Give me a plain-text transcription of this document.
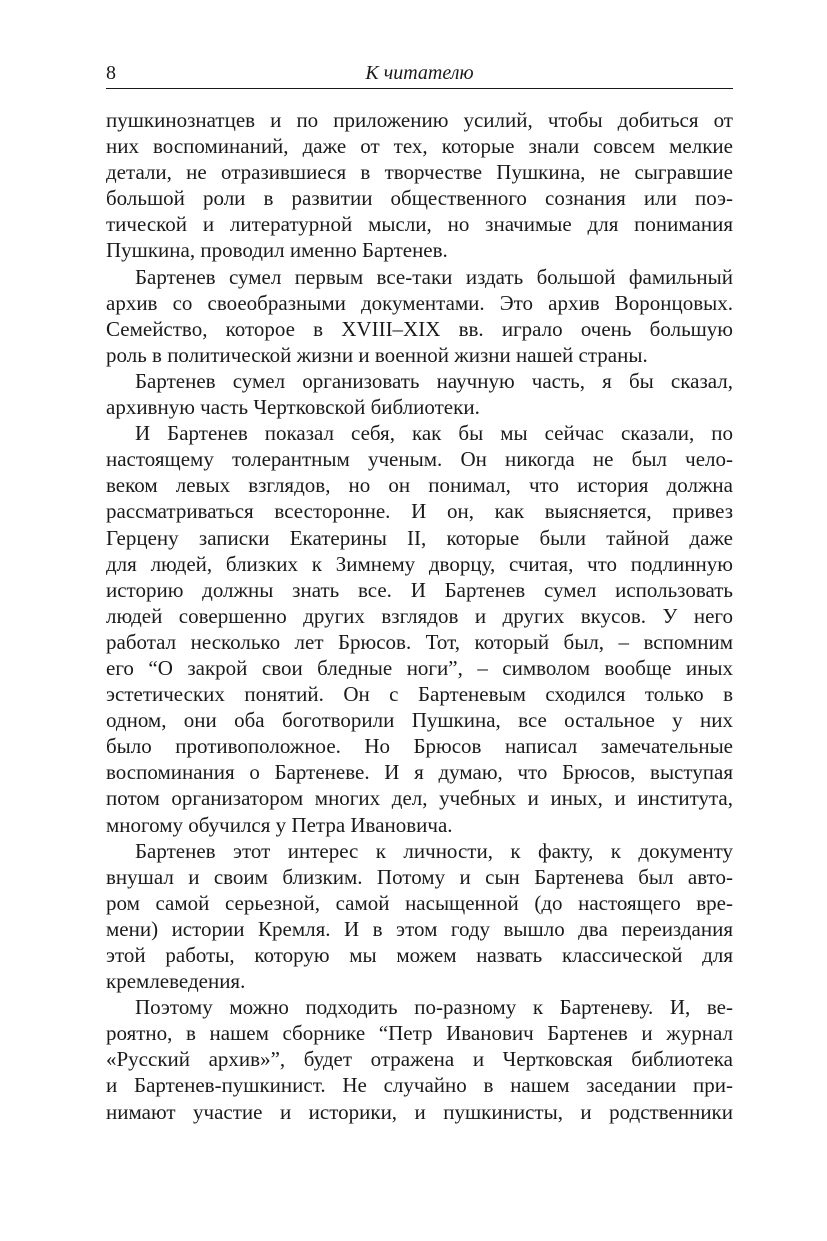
8	К читателю

пушкинознатцев и по приложению усилий, чтобы добиться от
них воспоминаний, даже от тех, которые знали совсем мелкие
детали, не отразившиеся в творчестве Пушкина, не сыгравшие
большой роли в развитии общественного сознания или поэ-
тической и литературной мысли, но значимые для понимания
Пушкина, проводил именно Бартенев.

Бартенев сумел первым все-таки издать большой фамильный
архив со своеобразными документами. Это архив Воронцовых.
Семейство, которое в XVIII–XIX вв. играло очень большую
роль в политической жизни и военной жизни нашей страны.

Бартенев сумел организовать научную часть, я бы сказал,
архивную часть Чертковской библиотеки.

И Бартенев показал себя, как бы мы сейчас сказали, по
настоящему толерантным ученым. Он никогда не был чело-
веком левых взглядов, но он понимал, что история должна
рассматриваться всесторонне. И он, как выясняется, привез
Герцену записки Екатерины II, которые были тайной даже
для людей, близких к Зимнему дворцу, считая, что подлинную
историю должны знать все. И Бартенев сумел использовать
людей совершенно других взглядов и других вкусов. У него
работал несколько лет Брюсов. Тот, который был, – вспомним
его “О закрой свои бледные ноги”, – символом вообще иных
эстетических понятий. Он с Бартеневым сходился только в
одном, они оба боготворили Пушкина, все остальное у них
было противоположное. Но Брюсов написал замечательные
воспоминания о Бартеневе. И я думаю, что Брюсов, выступая
потом организатором многих дел, учебных и иных, и института,
многому обучился у Петра Ивановича.

Бартенев этот интерес к личности, к факту, к документу
внушал и своим близким. Потому и сын Бартенева был авто-
ром самой серьезной, самой насыщенной (до настоящего вре-
мени) истории Кремля. И в этом году вышло два переиздания
этой работы, которую мы можем назвать классической для
кремлеведения.

Поэтому можно подходить по-разному к Бартеневу. И, ве-
роятно, в нашем сборнике “Петр Иванович Бартенев и журнал
«Русский архив»”, будет отражена и Чертковская библиотека
и Бартенев-пушкинист. Не случайно в нашем заседании при-
нимают участие и историки, и пушкинисты, и родственники
